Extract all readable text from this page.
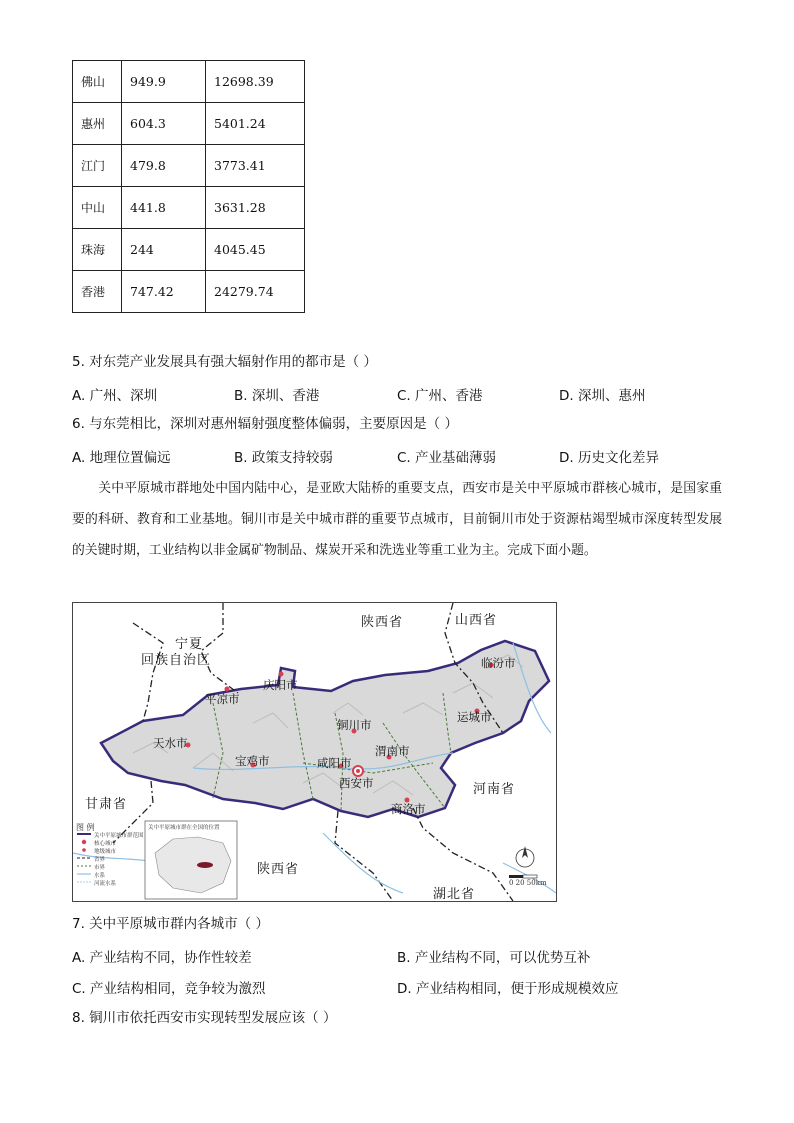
佛山	949.9	12698.39
惠州	604.3	5401.24
江门	479.8	3773.41
中山	441.8	3631.28
珠海	244	4045.45
香港	747.42	24279.74
5. 对东莞产业发展具有强大辐射作用的都市是（ ）
A. 广州、深圳	B. 深圳、香港	C. 广州、香港	D. 深圳、惠州
6. 与东莞相比，深圳对惠州辐射强度整体偏弱，主要原因是（ ）
A. 地理位置偏远	B. 政策支持较弱	C. 产业基础薄弱	D. 历史文化差异
关中平原城市群地处中国内陆中心，是亚欧大陆桥的重要支点，西安市是关中平原城市群核心城市，是国家重要的科研、教育和工业基地。铜川市是关中城市群的重要节点城市，目前铜川市处于资源枯竭型城市深度转型发展的关键时期，工业结构以非金属矿物制品、煤炭开采和洗选业等重工业为主。完成下面小题。
陕西省	山西省
宁夏
回族自治区
甘肃省
河南省
陕西省
湖北省
庆阳市
平凉市
临汾市
运城市
天水市
铜川市
渭南市
宝鸡市	咸阳市
西安市
商洛市
图 例
关中平原城市群范围
核心城市
地级城市
省界
市界
水系
河流水系
关中平原城市群在全国的位置
0 20 50km
7. 关中平原城市群内各城市（ ）
A. 产业结构不同，协作性较差	B. 产业结构不同，可以优势互补
C. 产业结构相同，竞争较为激烈	D. 产业结构相同，便于形成规模效应
8. 铜川市依托西安市实现转型发展应该（ ）
